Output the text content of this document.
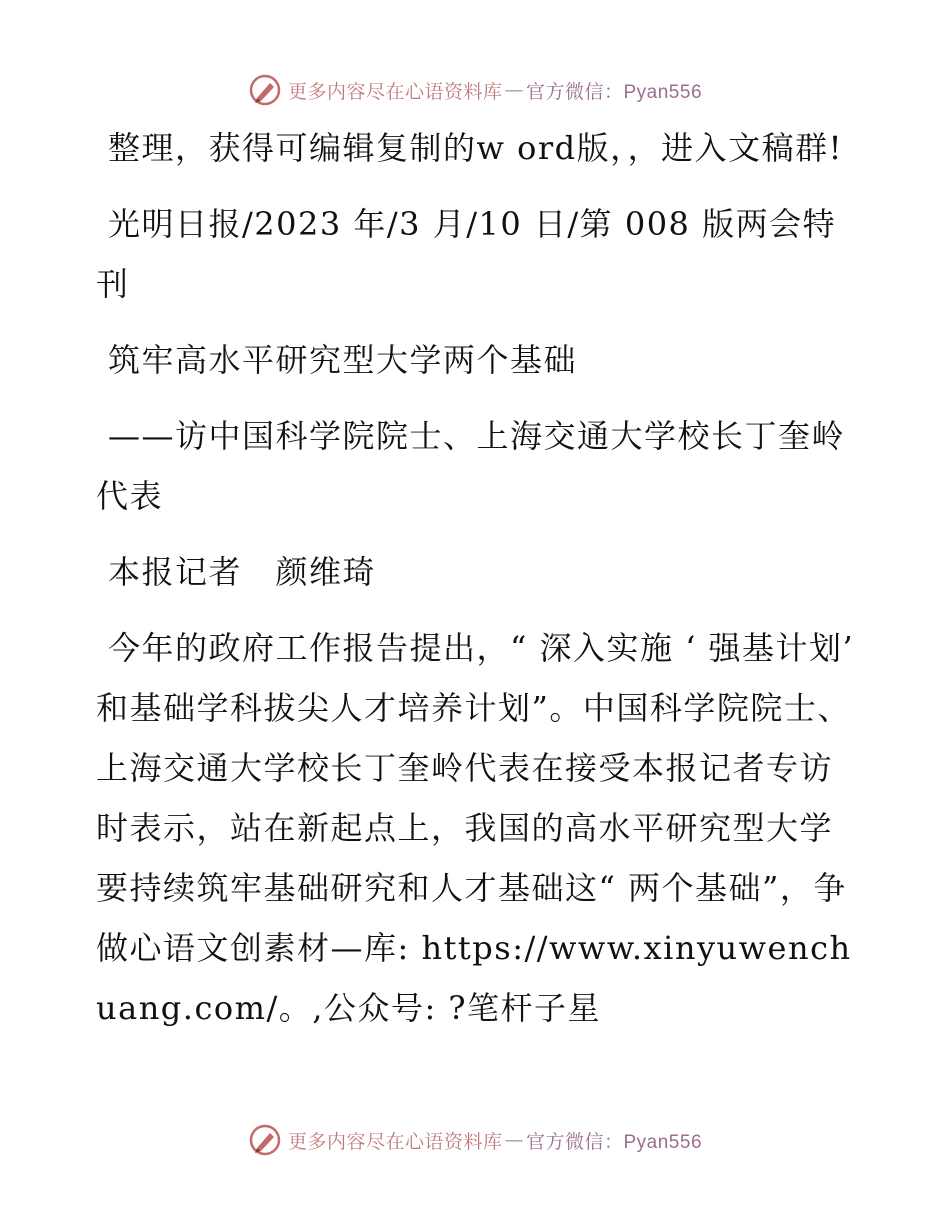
更多内容尽在心语资料库 — 官方微信：Pyan556

整理，获得可编辑复制的w ord版，，进入文稿群!

光明日报/2023 年/3 月/10 日/第 008 版两会特刊

筑牢高水平研究型大学两个基础

——访中国科学院院士、上海交通大学校长丁奎岭代表

本报记者　颜维琦

今年的政府工作报告提出，“ 深入实施 ‘ 强基计划’ 和基础学科拔尖人才培养计划”。中国科学院院士、上海交通大学校长丁奎岭代表在接受本报记者专访时表示，站在新起点上，我国的高水平研究型大学要持续筑牢基础研究和人才基础这“ 两个基础”，争做心语文创素材—库: https://www.xinyuwenchuang.com/。,公众号: ?笔杆子星

更多内容尽在心语资料库 — 官方微信：Pyan556
